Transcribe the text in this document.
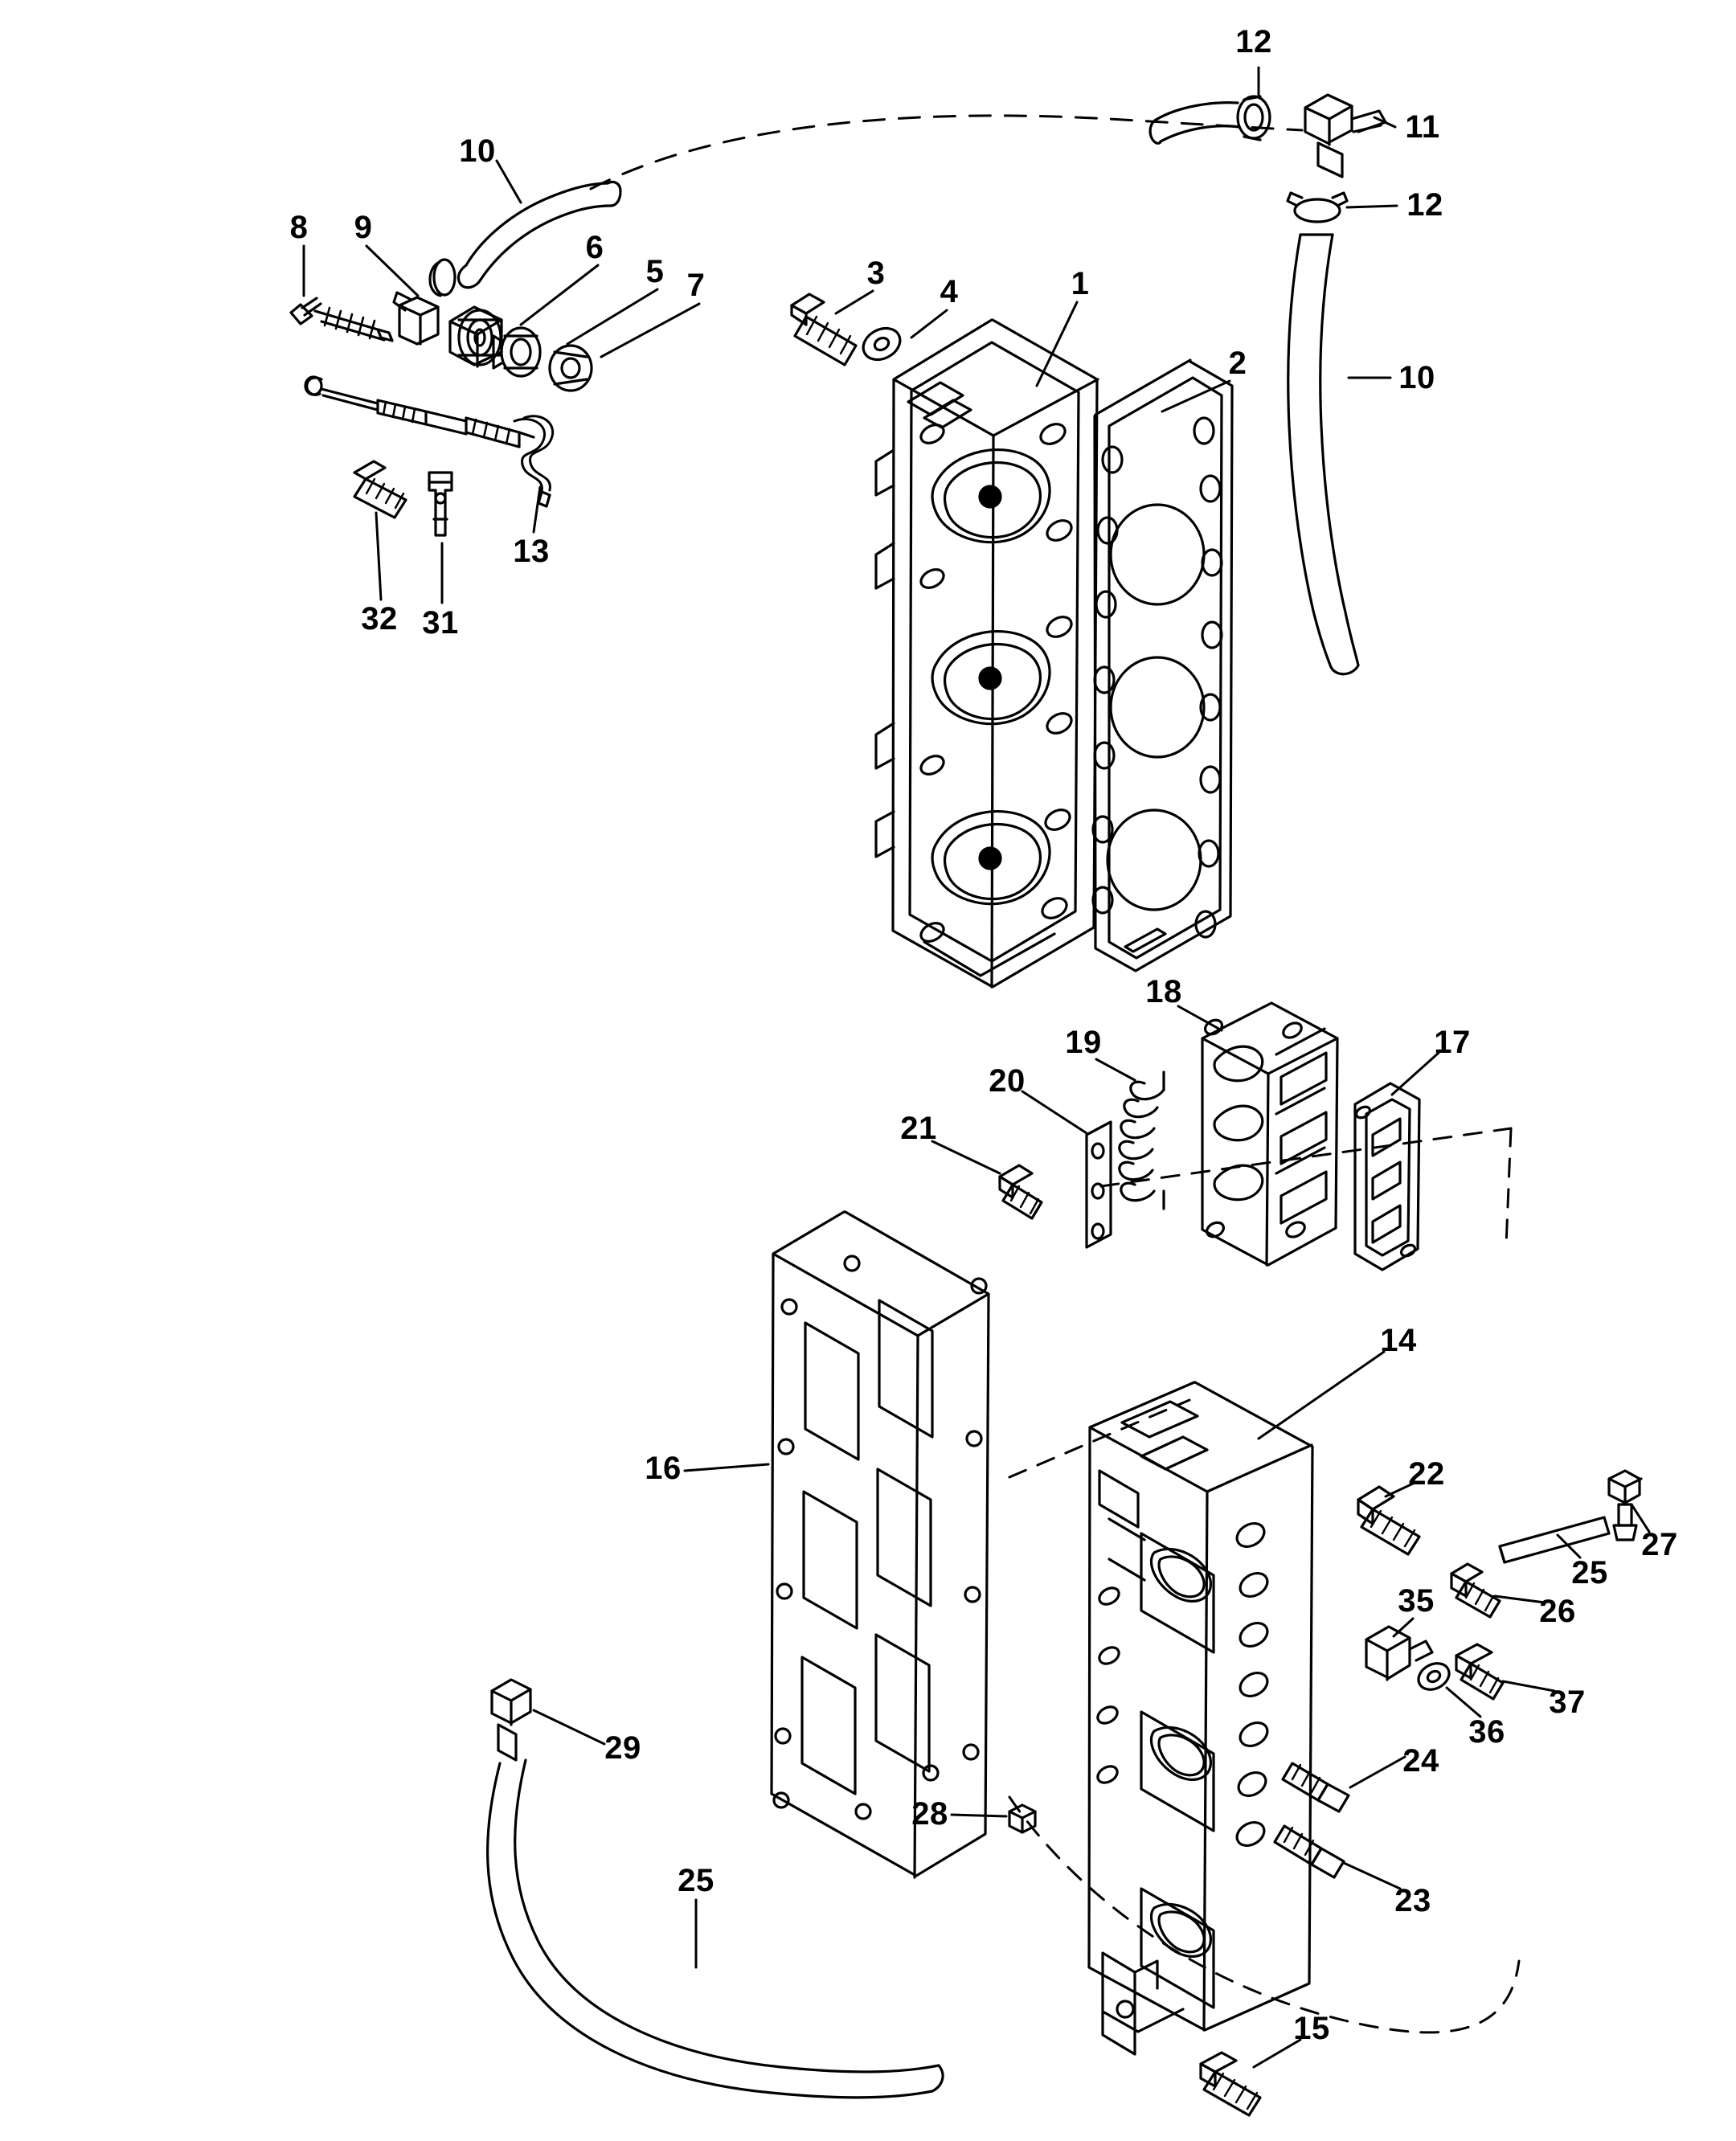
12
11
10
12
8 9
6
5 7	3
4	1
2	10
13
32 31
18
19	17
20
21
14
16	22
27
25
26
35
37
36
29	24
28
23
25
15
